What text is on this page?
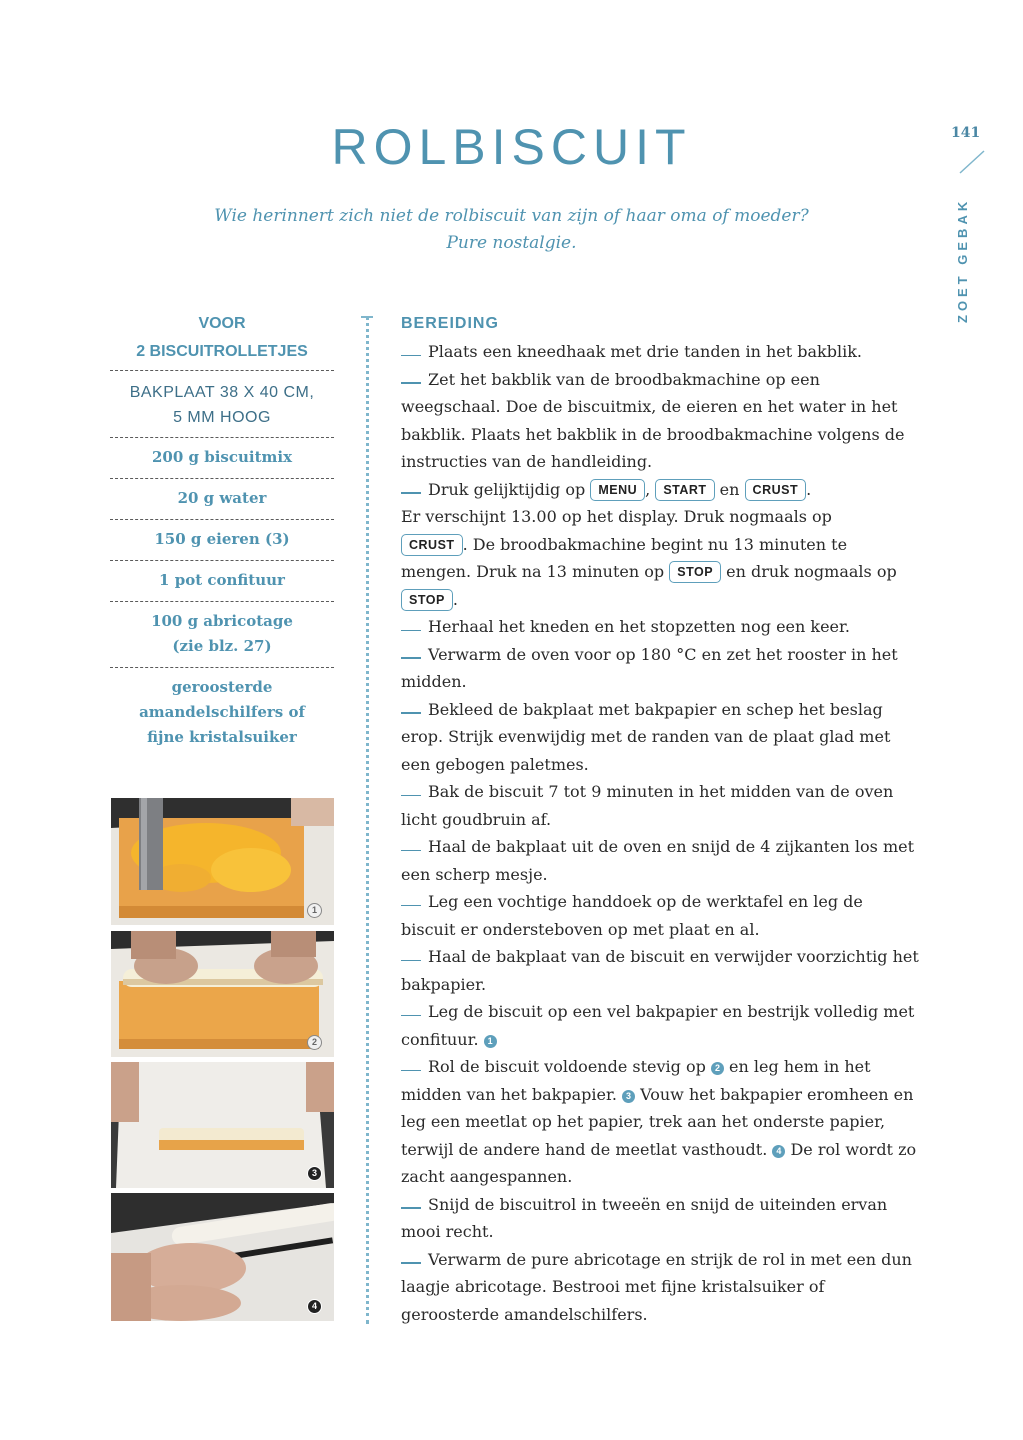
ROLBISCUIT
Wie herinnert zich niet de rolbiscuit van zijn of haar oma of moeder?
Pure nostalgie.
141
ZOET GEBAK
VOOR
2 BISCUITROLLETJES
BAKPLAAT 38 X 40 CM,
5 MM HOOG
200 g biscuitmix
20 g water
150 g eieren (3)
1 pot confituur
100 g abricotage
(zie blz. 27)
geroosterde
amandelschilfers of
fijne kristalsuiker
1
2
3
4
BEREIDING
Plaats een kneedhaak met drie tanden in het bakblik.
Zet het bakblik van de broodbakmachine op een weegschaal. Doe de biscuitmix, de eieren en het water in het bakblik. Plaats het bakblik in de broodbakmachine volgens de instructies van de handleiding.
Druk gelijktijdig op MENU , START en CRUST .
Er verschijnt 13.00 op het display. Druk nogmaals op
CRUST . De broodbakmachine begint nu 13 minuten te mengen. Druk na 13 minuten op STOP en druk nogmaals op STOP .
Herhaal het kneden en het stopzetten nog een keer.
Verwarm de oven voor op 180 °C en zet het rooster in het midden.
Bekleed de bakplaat met bakpapier en schep het beslag erop. Strijk evenwijdig met de randen van de plaat glad met een gebogen paletmes.
Bak de biscuit 7 tot 9 minuten in het midden van de oven licht goudbruin af.
Haal de bakplaat uit de oven en snijd de 4 zijkanten los met een scherp mesje.
Leg een vochtige handdoek op de werktafel en leg de biscuit er ondersteboven op met plaat en al.
Haal de bakplaat van de biscuit en verwijder voorzichtig het bakpapier.
Leg de biscuit op een vel bakpapier en bestrijk volledig met confituur. 1
Rol de biscuit voldoende stevig op 2 en leg hem in het midden van het bakpapier. 3 Vouw het bakpapier eromheen en leg een meetlat op het papier, trek aan het onderste papier, terwijl de andere hand de meetlat vasthoudt. 4 De rol wordt zo zacht aangespannen.
Snijd de biscuitrol in tweeën en snijd de uiteinden ervan mooi recht.
Verwarm de pure abricotage en strijk de rol in met een dun laagje abricotage. Bestrooi met fijne kristalsuiker of geroosterde amandelschilfers.
